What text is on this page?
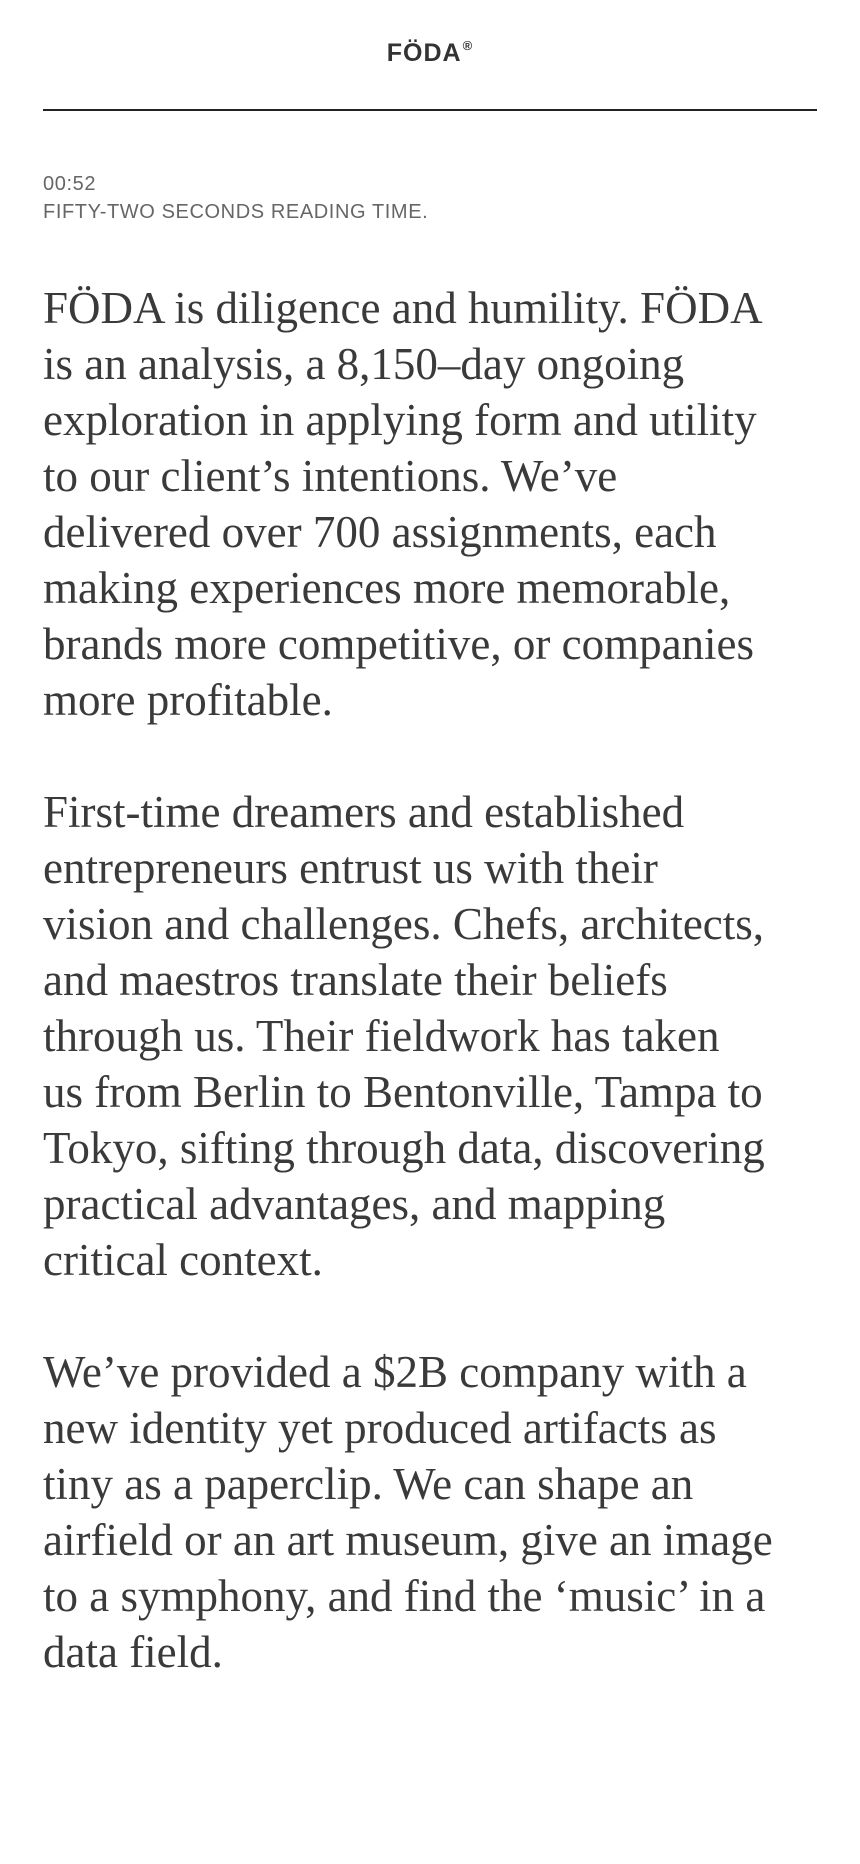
FÖDA®
00:52
FIFTY-TWO SECONDS READING TIME.

FÖDA is diligence and humility. FÖDA
is an analysis, a 8,150–day ongoing
exploration in applying form and utility
to our client’s intentions. We’ve
delivered over 700 assignments, each
making experiences more memorable,
brands more competitive, or companies
more profitable.

First-time dreamers and established
entrepreneurs entrust us with their
vision and challenges. Chefs, architects,
and maestros translate their beliefs
through us. Their fieldwork has taken
us from Berlin to Bentonville, Tampa to
Tokyo, sifting through data, discovering
practical advantages, and mapping
critical context.

We’ve provided a $2B company with a
new identity yet produced artifacts as
tiny as a paperclip. We can shape an
airfield or an art museum, give an image
to a symphony, and find the ‘music’ in a
data field.
